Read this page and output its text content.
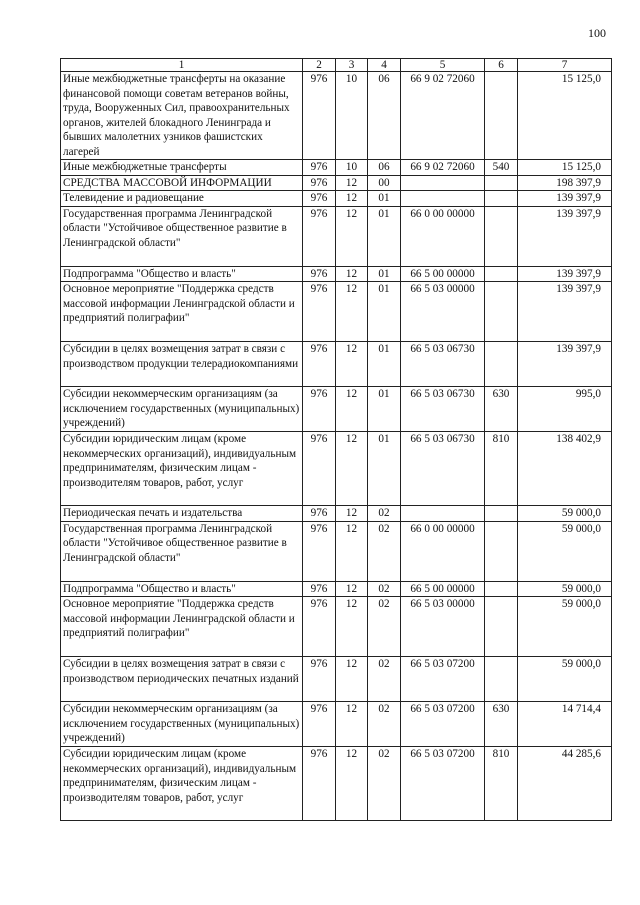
100
1	2	3	4	5	6	7
Иные межбюджетные трансферты на оказание финансовой помощи советам ветеранов войны, труда, Вооруженных Сил, правоохранительных органов, жителей блокадного Ленинграда и бывших малолетних узников фашистских лагерей	976	10	06	66 9 02 72060		15 125,0
Иные межбюджетные трансферты	976	10	06	66 9 02 72060	540	15 125,0
СРЕДСТВА МАССОВОЙ ИНФОРМАЦИИ	976	12	00			198 397,9
Телевидение и радиовещание	976	12	01			139 397,9
Государственная программа Ленинградской области "Устойчивое общественное развитие в Ленинградской области"	976	12	01	66 0 00 00000		139 397,9
Подпрограмма "Общество и власть"	976	12	01	66 5 00 00000		139 397,9
Основное мероприятие "Поддержка средств массовой информации Ленинградской области и предприятий полиграфии"	976	12	01	66 5 03 00000		139 397,9
Субсидии в целях возмещения затрат в связи с производством продукции телерадиокомпаниями	976	12	01	66 5 03 06730		139 397,9
Субсидии некоммерческим организациям (за исключением государственных (муниципальных) учреждений)	976	12	01	66 5 03 06730	630	995,0
Субсидии юридическим лицам (кроме некоммерческих организаций), индивидуальным предпринимателям, физическим лицам - производителям товаров, работ, услуг	976	12	01	66 5 03 06730	810	138 402,9
Периодическая печать и издательства	976	12	02			59 000,0
Государственная программа Ленинградской области "Устойчивое общественное развитие в Ленинградской области"	976	12	02	66 0 00 00000		59 000,0
Подпрограмма "Общество и власть"	976	12	02	66 5 00 00000		59 000,0
Основное мероприятие "Поддержка средств массовой информации Ленинградской области и предприятий полиграфии"	976	12	02	66 5 03 00000		59 000,0
Субсидии в целях возмещения затрат в связи с производством периодических печатных изданий	976	12	02	66 5 03 07200		59 000,0
Субсидии некоммерческим организациям (за исключением государственных (муниципальных) учреждений)	976	12	02	66 5 03 07200	630	14 714,4
Субсидии юридическим лицам (кроме некоммерческих организаций), индивидуальным предпринимателям, физическим лицам - производителям товаров, работ, услуг	976	12	02	66 5 03 07200	810	44 285,6
